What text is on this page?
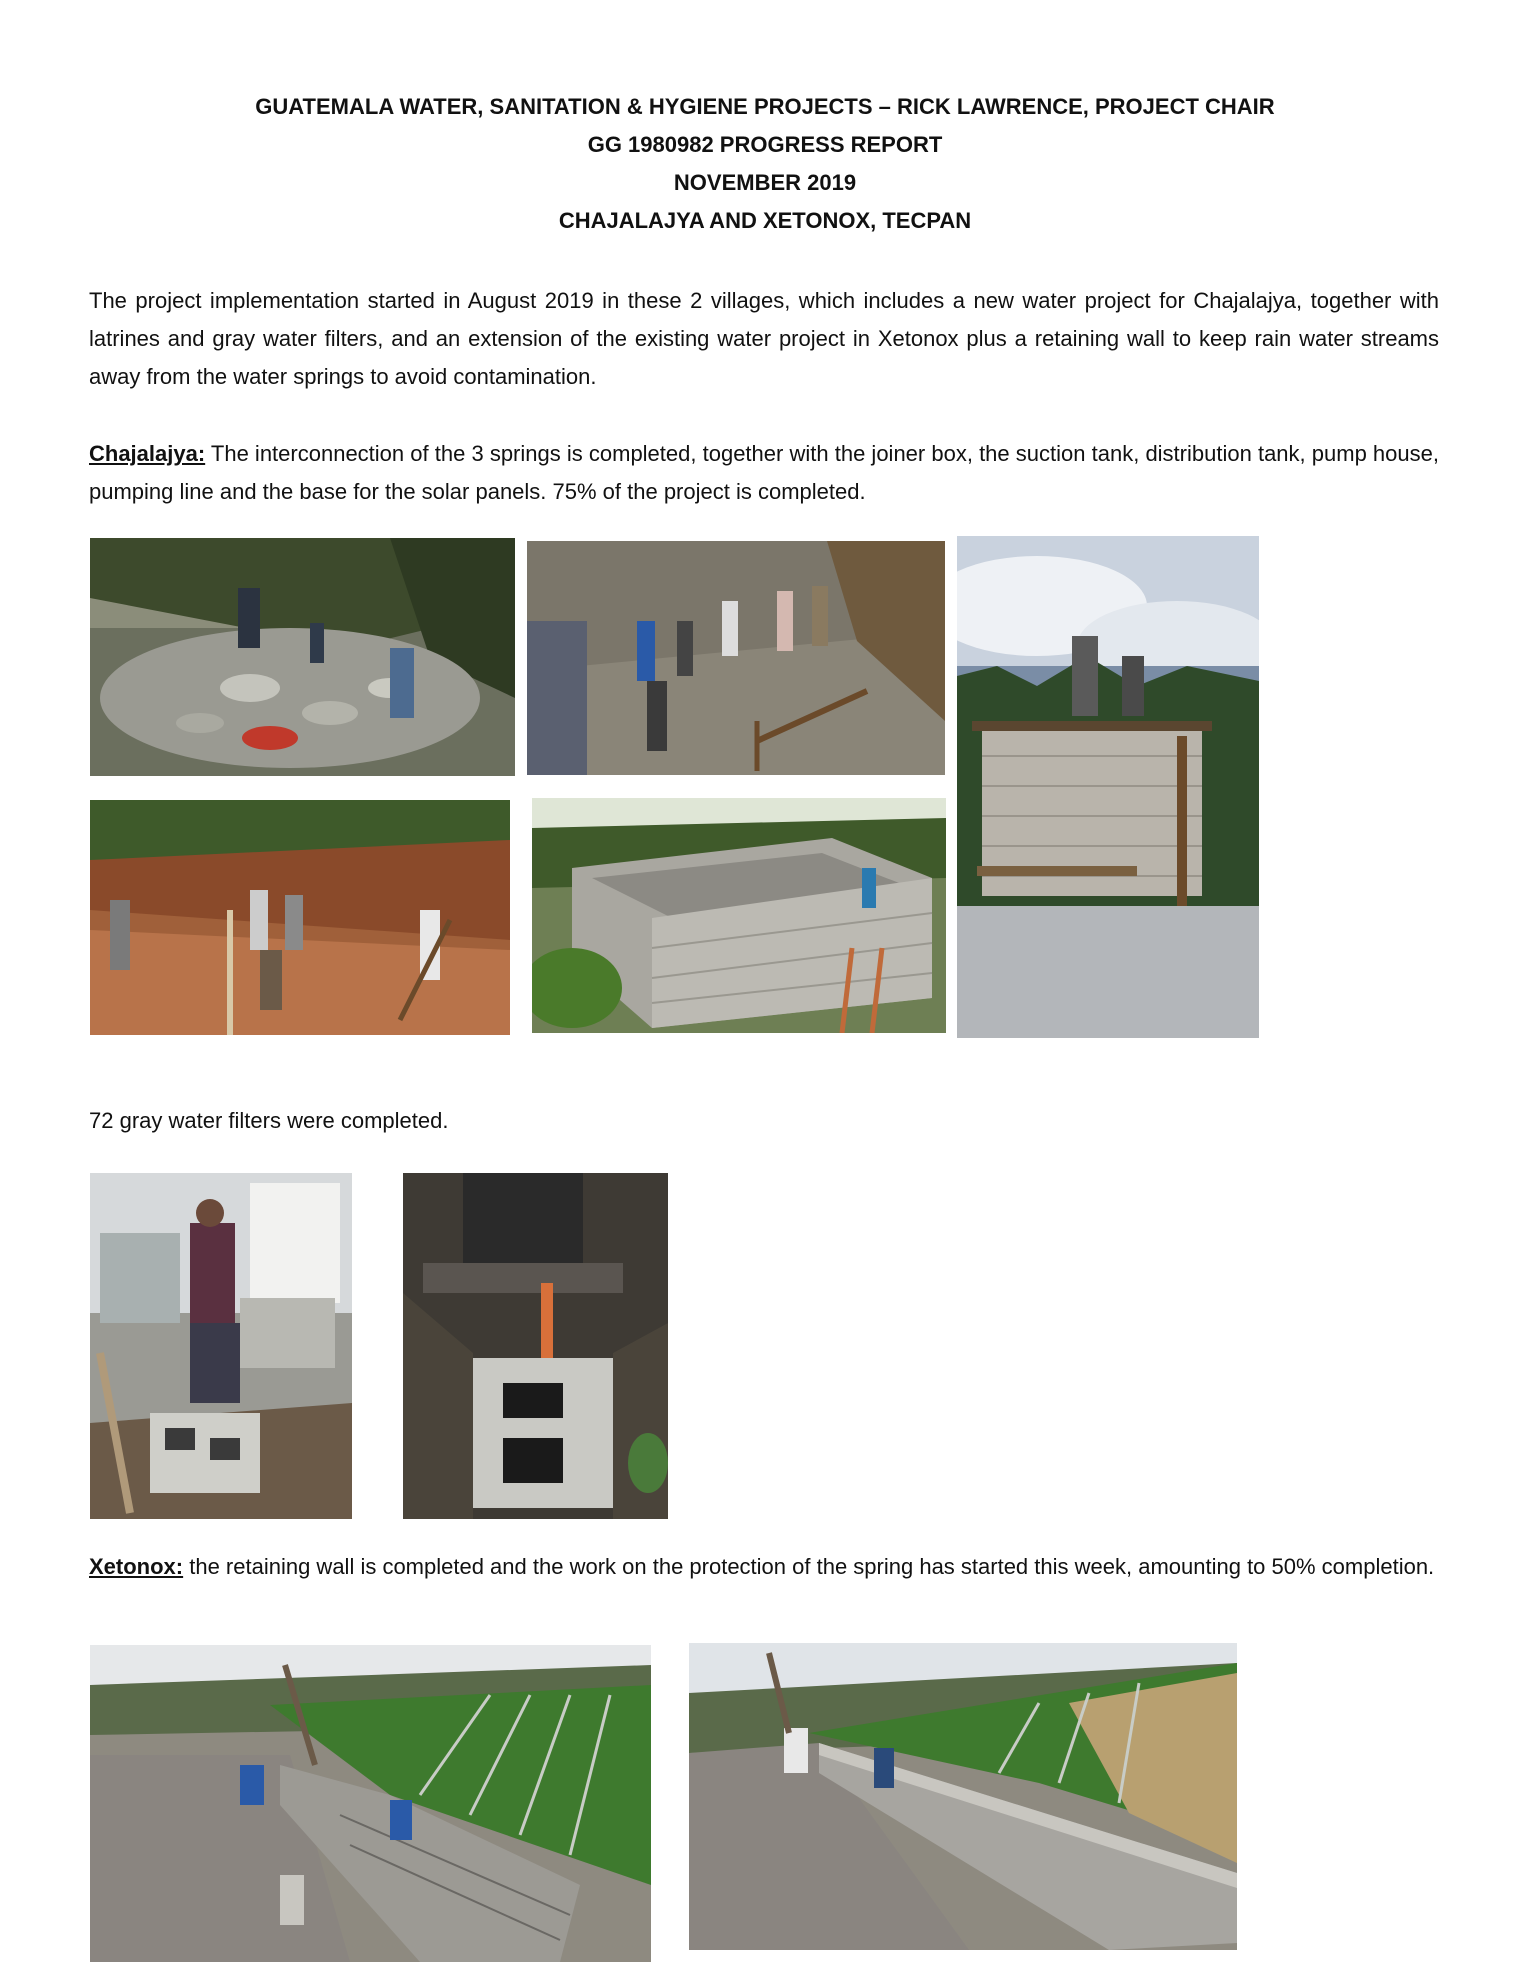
GUATEMALA WATER, SANITATION & HYGIENE PROJECTS – RICK LAWRENCE, PROJECT CHAIR
GG 1980982 PROGRESS REPORT
NOVEMBER 2019
CHAJALAJYA AND XETONOX, TECPAN
The project implementation started in August 2019 in these 2 villages, which includes a new water project for Chajalajya, together with latrines and gray water filters, and an extension of the existing water project in Xetonox plus a retaining wall to keep rain water streams away from the water springs to avoid contamination.
Chajalajya: The interconnection of the 3 springs is completed, together with the joiner box, the suction tank, distribution tank, pump house, pumping line and the base for the solar panels. 75% of the project is completed.
72 gray water filters were completed.
Xetonox: the retaining wall is completed and the work on the protection of the spring has started this week, amounting to 50% completion.
